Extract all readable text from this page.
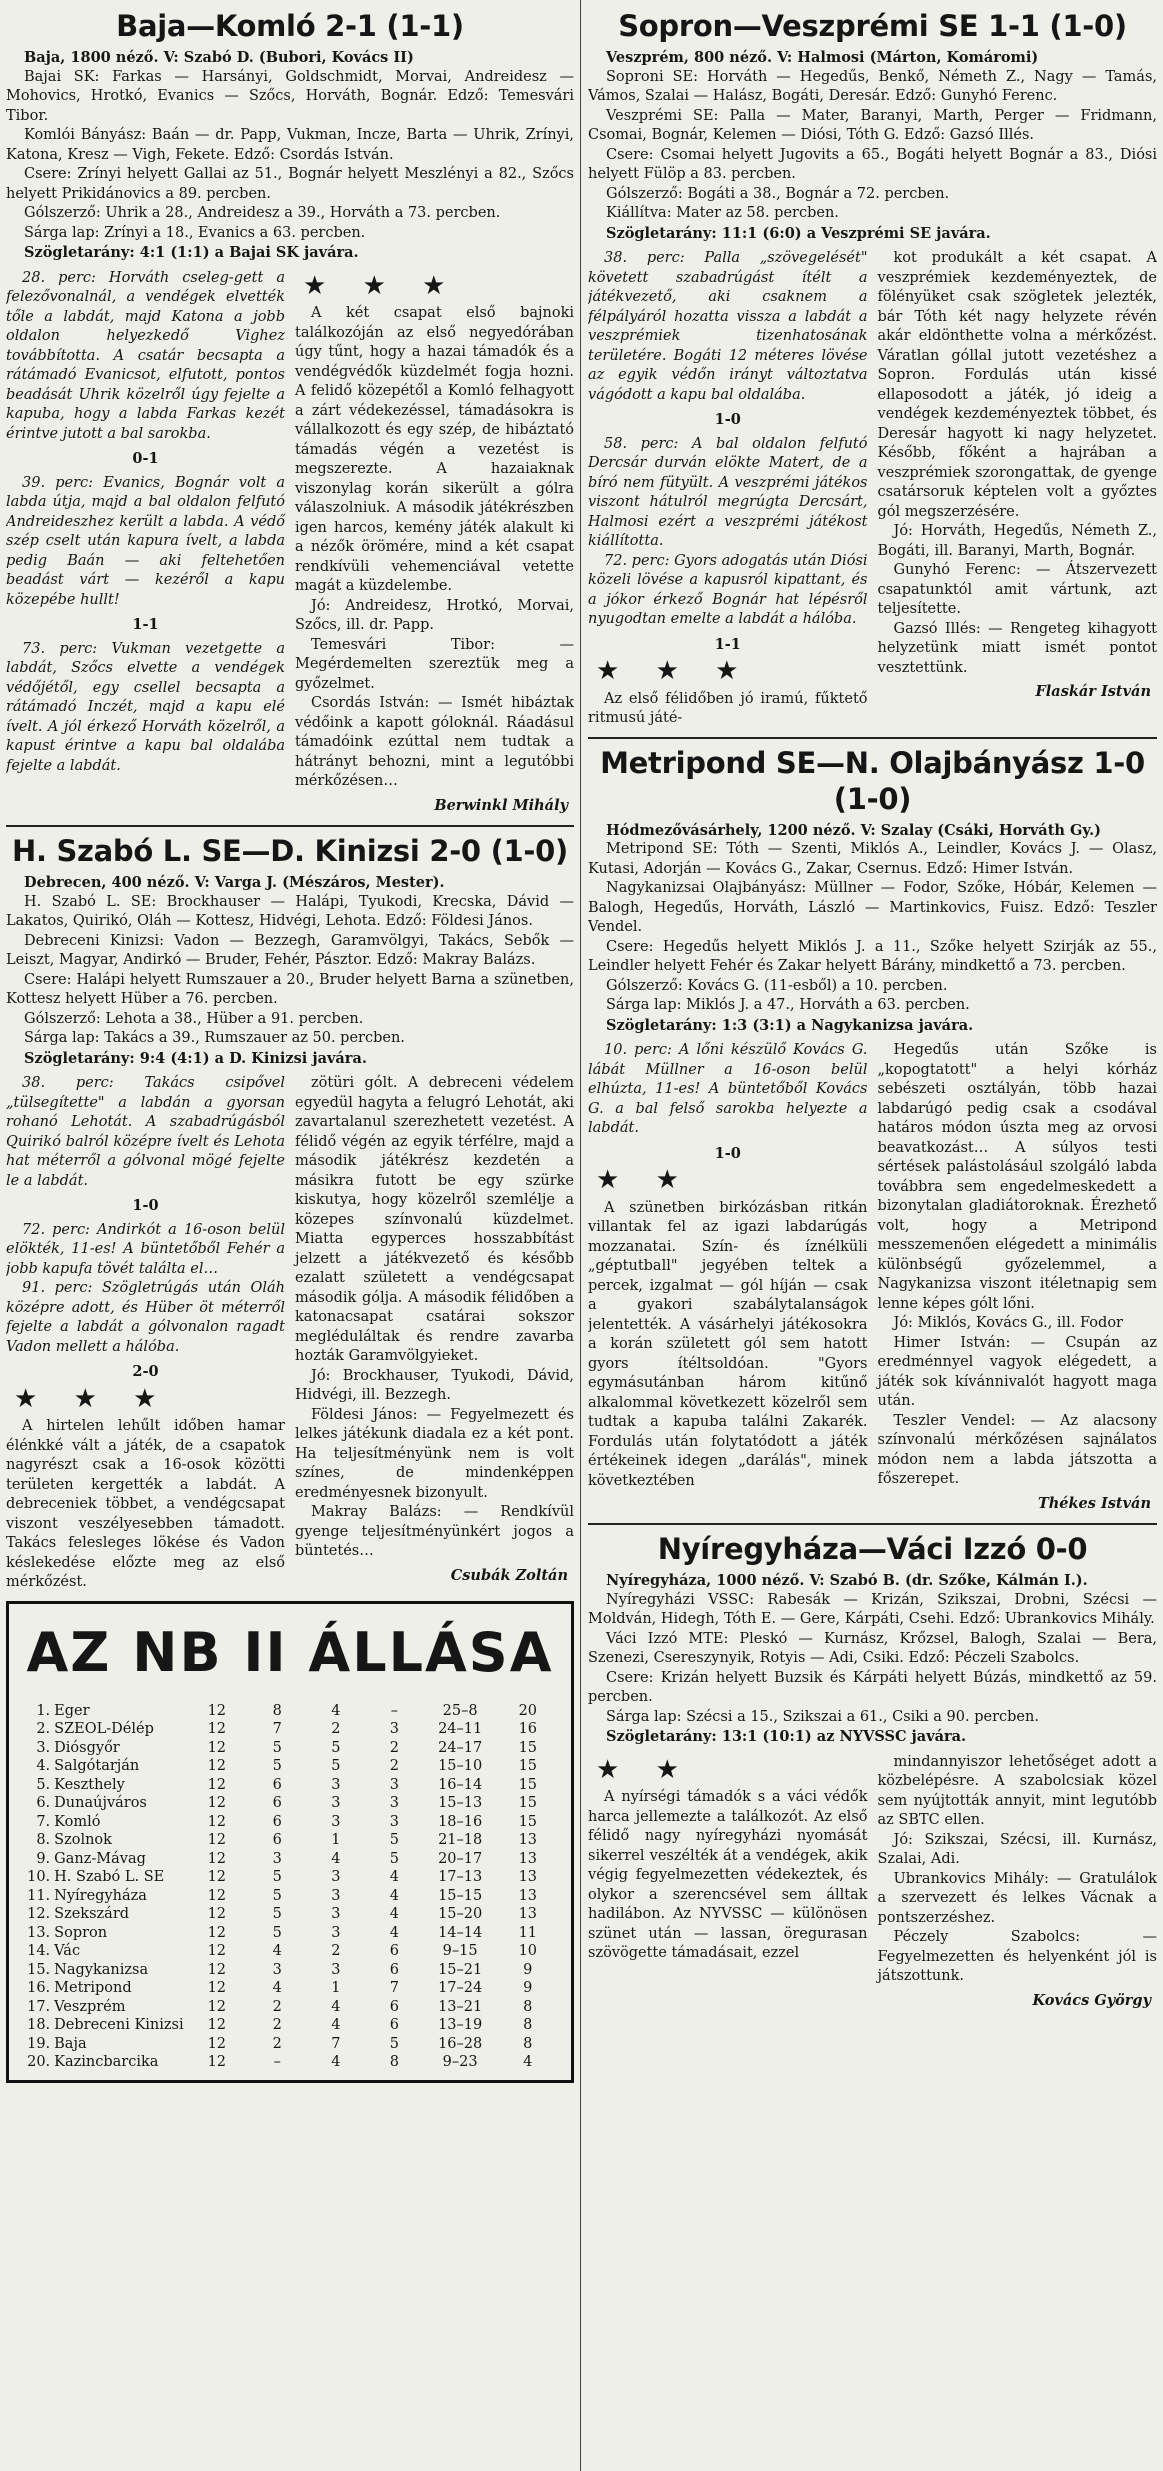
Baja—Komló 2-1 (1-1)

Baja, 1800 néző. V: Szabó D. (Bubori, Kovács II)

Bajai SK: Farkas — Harsányi, Goldschmidt, Morvai, Andreidesz — Mohovics, Hrotkó, Evanics — Szőcs, Horváth, Bognár. Edző: Temesvári Tibor.

Komlói Bányász: Baán — dr. Papp, Vukman, Incze, Barta — Uhrik, Zrínyi, Katona, Kresz — Vigh, Fekete. Edző: Csordás István.

Csere: Zrínyi helyett Gallai az 51., Bognár helyett Meszlényi a 82., Szőcs helyett Prikidánovics a 89. percben.

Gólszerző: Uhrik a 28., Andreidesz a 39., Horváth a 73. percben.

Sárga lap: Zrínyi a 18., Evanics a 63. percben.

Szögletarány: 4:1 (1:1) a Bajai SK javára.

28. perc: Horváth cseleg-gett a felezővonalnál, a vendégek elvették tőle a labdát, majd Katona a jobb oldalon helyezkedő Vighez továbbította. A csatár becsapta a rátámadó Evanicsot, elfutott, pontos beadását Uhrik közelről úgy fejelte a kapuba, hogy a labda Farkas kezét érintve jutott a bal sarokba.

0-1

39. perc: Evanics, Bognár volt a labda útja, majd a bal oldalon felfutó Andreideszhez került a labda. A védő szép cselt után kapura ívelt, a labda pedig Baán — aki feltehetően beadást várt — kezéről a kapu közepébe hullt!

1-1

73. perc: Vukman vezetgette a labdát, Szőcs elvette a vendégek védőjétől, egy csellel becsapta a rátámadó Inczét, majd a kapu elé ívelt. A jól érkező Horváth közelről, a kapust érintve a kapu bal oldalába fejelte a labdát.

★ ★ ★

A két csapat első bajnoki találkozóján az első negyedórában úgy tűnt, hogy a hazai támadók és a vendégvédők küzdelmét fogja hozni. A felidő közepétől a Komló felhagyott a zárt védekezéssel, támadásokra is vállalkozott és egy szép, de hibáztató támadás végén a vezetést is megszerezte. A hazaiaknak viszonylag korán sikerült a gólra válaszolniuk. A második játékrészben igen harcos, kemény játék alakult ki a nézők örömére, mind a két csapat rendkívüli vehemenciával vetette magát a küzdelembe.

Jó: Andreidesz, Hrotkó, Morvai, Szőcs, ill. dr. Papp.

Temesvári Tibor: — Megérdemelten szereztük meg a győzelmet.

Csordás István: — Ismét hibáztak védőink a kapott góloknál. Ráadásul támadóink ezúttal nem tudtak a hátrányt behozni, mint a legutóbbi mérkőzésen…

Berwinkl Mihály
H. Szabó L. SE—D. Kinizsi 2-0 (1-0)

Debrecen, 400 néző. V: Varga J. (Mészáros, Mester).

H. Szabó L. SE: Brockhauser — Halápi, Tyukodi, Krecska, Dávid — Lakatos, Quirikó, Oláh — Kottesz, Hidvégi, Lehota. Edző: Földesi János.

Debreceni Kinizsi: Vadon — Bezzegh, Garamvölgyi, Takács, Sebők — Leiszt, Magyar, Andirkó — Bruder, Fehér, Pásztor. Edző: Makray Balázs.

Csere: Halápi helyett Rumszauer a 20., Bruder helyett Barna a szünetben, Kottesz helyett Hüber a 76. percben.

Gólszerző: Lehota a 38., Hüber a 91. percben.

Sárga lap: Takács a 39., Rumszauer az 50. percben.

Szögletarány: 9:4 (4:1) a D. Kinizsi javára.

38. perc: Takács csipővel „tülsegítette" a labdán a gyorsan rohanó Lehotát. A szabadrúgásból Quirikó balról középre ívelt és Lehota hat méterről a gólvonal mögé fejelte le a labdát.

1-0

72. perc: Andirkót a 16-oson belül elökték, 11-es! A büntetőből Fehér a jobb kapufa tövét találta el…

91. perc: Szögletrúgás után Oláh középre adott, és Hüber öt méterről fejelte a labdát a gólvonalon ragadt Vadon mellett a hálóba.

2-0
★ ★ ★

A hirtelen lehűlt időben hamar élénkké vált a játék, de a csapatok nagyrészt csak a 16-osok közötti területen kergették a labdát. A debreceniek többet, a vendégcsapat viszont veszélyesebben támadott. Takács felesleges lökése és Vadon késlekedése előzte meg az első mérkőzést.

zötüri gólt. A debreceni védelem egyedül hagyta a felugró Lehotát, aki zavartalanul szerezhetett vezetést. A félidő végén az egyik térfélre, majd a második játékrész kezdetén a másikra futott be egy szürke kiskutya, hogy közelről szemlélje a közepes színvonalú küzdelmet. Miatta egyperces hosszabbítást jelzett a játékvezető és később ezalatt született a vendégcsapat második gólja. A második félidőben a katonacsapat csatárai sokszor megléduláltak és rendre zavarba hozták Garamvölgyieket.

Jó: Brockhauser, Tyukodi, Dávid, Hidvégi, ill. Bezzegh.

Földesi János: — Fegyelmezett és lelkes játékunk diadala ez a két pont. Ha teljesítményünk nem is volt színes, de mindenképpen eredményesnek bizonyult.

Makray Balázs: — Rendkívül gyenge teljesítményünkért jogos a büntetés…

Csubák Zoltán
AZ NB II ÁLLÁSA
1.	Eger	12	8	4	–	25–8	20
2.	SZEOL-Délép	12	7	2	3	24–11	16
3.	Diósgyőr	12	5	5	2	24–17	15
4.	Salgótarján	12	5	5	2	15–10	15
5.	Keszthely	12	6	3	3	16–14	15
6.	Dunaújváros	12	6	3	3	15–13	15
7.	Komló	12	6	3	3	18–16	15
8.	Szolnok	12	6	1	5	21–18	13
9.	Ganz-Mávag	12	3	4	5	20–17	13
10.	H. Szabó L. SE	12	5	3	4	17–13	13
11.	Nyíregyháza	12	5	3	4	15–15	13
12.	Szekszárd	12	5	3	4	15–20	13
13.	Sopron	12	5	3	4	14–14	11
14.	Vác	12	4	2	6	9–15	10
15.	Nagykanizsa	12	3	3	6	15–21	9
16.	Metripond	12	4	1	7	17–24	9
17.	Veszprém	12	2	4	6	13–21	8
18.	Debreceni Kinizsi	12	2	4	6	13–19	8
19.	Baja	12	2	7	5	16–28	8
20.	Kazincbarcika	12	–	4	8	9–23	4
Sopron—Veszprémi SE 1-1 (1-0)

Veszprém, 800 néző. V: Halmosi (Márton, Komáromi)

Soproni SE: Horváth — Hegedűs, Benkő, Németh Z., Nagy — Tamás, Vámos, Szalai — Halász, Bogáti, Deresár. Edző: Gunyhó Ferenc.

Veszprémi SE: Palla — Mater, Baranyi, Marth, Perger — Fridmann, Csomai, Bognár, Kelemen — Diósi, Tóth G. Edző: Gazsó Illés.

Csere: Csomai helyett Jugovits a 65., Bogáti helyett Bognár a 83., Diósi helyett Fülöp a 83. percben.

Gólszerző: Bogáti a 38., Bognár a 72. percben.

Kiállítva: Mater az 58. percben.

Szögletarány: 11:1 (6:0) a Veszprémi SE javára.

38. perc: Palla „szövegelését" követett szabadrúgást ítélt a játékvezető, aki csaknem a félpályáról hozatta vissza a labdát a veszprémiek tizenhatosának területére. Bogáti 12 méteres lövése az egyik védőn irányt változtatva vágódott a kapu bal oldalába.

1-0

58. perc: A bal oldalon felfutó Dercsár durván elökte Matert, de a bíró nem fütyült. A veszprémi játékos viszont hátulról megrúgta Dercsárt, Halmosi ezért a veszprémi játékost kiállította.

72. perc: Gyors adogatás után Diósi közeli lövése a kapusról kipattant, és a jókor érkező Bognár hat lépésről nyugodtan emelte a labdát a hálóba.

1-1
★ ★ ★

Az első félidőben jó iramú, fűktető ritmusú játé-

kot produkált a két csapat. A veszprémiek kezdeményeztek, de fölényüket csak szögletek jelezték, bár Tóth két nagy helyzete révén akár eldönthette volna a mérkőzést. Váratlan góllal jutott vezetéshez a Sopron. Fordulás után kissé ellaposodott a játék, jó ideig a vendégek kezdeményeztek többet, és Deresár hagyott ki nagy helyzetet. Később, főként a hajrában a veszprémiek szorongattak, de gyenge csatársoruk képtelen volt a győztes gól megszerzésére.

Jó: Horváth, Hegedűs, Németh Z., Bogáti, ill. Baranyi, Marth, Bognár.

Gunyhó Ferenc: — Átszervezett csapatunktól amit vártunk, azt teljesítette.

Gazsó Illés: — Rengeteg kihagyott helyzetünk miatt ismét pontot vesztettünk.

Flaskár István
Metripond SE—N. Olajbányász 1-0 (1-0)

Hódmezővásárhely, 1200 néző. V: Szalay (Csáki, Horváth Gy.)

Metripond SE: Tóth — Szenti, Miklós A., Leindler, Kovács J. — Olasz, Kutasi, Adorján — Kovács G., Zakar, Csernus. Edző: Himer István.

Nagykanizsai Olajbányász: Müllner — Fodor, Szőke, Hóbár, Kelemen — Balogh, Hegedűs, Horváth, László — Martinkovics, Fuisz. Edző: Teszler Vendel.

Csere: Hegedűs helyett Miklós J. a 11., Szőke helyett Szirják az 55., Leindler helyett Fehér és Zakar helyett Bárány, mindkettő a 73. percben.

Gólszerző: Kovács G. (11-esből) a 10. percben.

Sárga lap: Miklós J. a 47., Horváth a 63. percben.

Szögletarány: 1:3 (3:1) a Nagykanizsa javára.

10. perc: A lőni készülő Kovács G. lábát Müllner a 16-oson belül elhúzta, 11-es! A büntetőből Kovács G. a bal felső sarokba helyezte a labdát.

1-0
★ ★

A szünetben birkózásban ritkán villantak fel az igazi labdarúgás mozzanatai. Szín- és íznélküli „géptutball" jegyében teltek a percek, izgalmat — gól híján — csak a gyakori szabálytalanságok jelentették. A vásárhelyi játékosokra a korán született gól sem hatott gyors ítéltsoldóan. "Gyors egymásutánban három kitűnő alkalommal következett közelről sem tudtak a kapuba találni Zakarék. Fordulás után folytatódott a játék értékeinek idegen „darálás", minek következtében

Hegedűs után Szőke is „kopogtatott" a helyi kórház sebészeti osztályán, több hazai labdarúgó pedig csak a csodával határos módon úszta meg az orvosi beavatkozást… A súlyos testi sértések palástolásául szolgáló labda továbbra sem engedelmeskedett a bizonytalan gladiátoroknak. Érezhető volt, hogy a Metripond messzemenően elégedett a minimális különbségű győzelemmel, a Nagykanizsa viszont itéletnapig sem lenne képes gólt lőni.

Jó: Miklós, Kovács G., ill. Fodor

Himer István: — Csupán az eredménnyel vagyok elégedett, a játék sok kívánnivalót hagyott maga után.

Teszler Vendel: — Az alacsony színvonalú mérkőzésen sajnálatos módon nem a labda játszotta a főszerepet.

Thékes István
Nyíregyháza—Váci Izzó 0-0

Nyíregyháza, 1000 néző. V: Szabó B. (dr. Szőke, Kálmán I.).

Nyíregyházi VSSC: Rabesák — Krizán, Szikszai, Drobni, Szécsi — Moldván, Hidegh, Tóth E. — Gere, Kárpáti, Csehi. Edző: Ubrankovics Mihály.

Váci Izzó MTE: Pleskó — Kurnász, Krőzsel, Balogh, Szalai — Bera, Szenezi, Csereszynyik, Rotyis — Adi, Csiki. Edző: Péczeli Szabolcs.

Csere: Krizán helyett Buzsik és Kárpáti helyett Búzás, mindkettő az 59. percben.

Sárga lap: Szécsi a 15., Szikszai a 61., Csiki a 90. percben.

Szögletarány: 13:1 (10:1) az NYVSSC javára.

★ ★

A nyírségi támadók s a váci védők harca jellemezte a találkozót. Az első félidő nagy nyíregyházi nyomását sikerrel veszélték át a vendégek, akik végig fegyelmezetten védekeztek, és olykor a szerencsével sem álltak hadilábon. Az NYVSSC — különösen szünet után — lassan, öregurasan szövögette támadásait, ezzel

mindannyiszor lehetőséget adott a közbelépésre. A szabolcsiak közel sem nyújtották annyit, mint legutóbb az SBTC ellen.

Jó: Szikszai, Szécsi, ill. Kurnász, Szalai, Adi.

Ubrankovics Mihály: — Gratulálok a szervezett és lelkes Vácnak a pontszerzéshez.

Péczely Szabolcs: — Fegyelmezetten és helyenként jól is játszottunk.

Kovács György
